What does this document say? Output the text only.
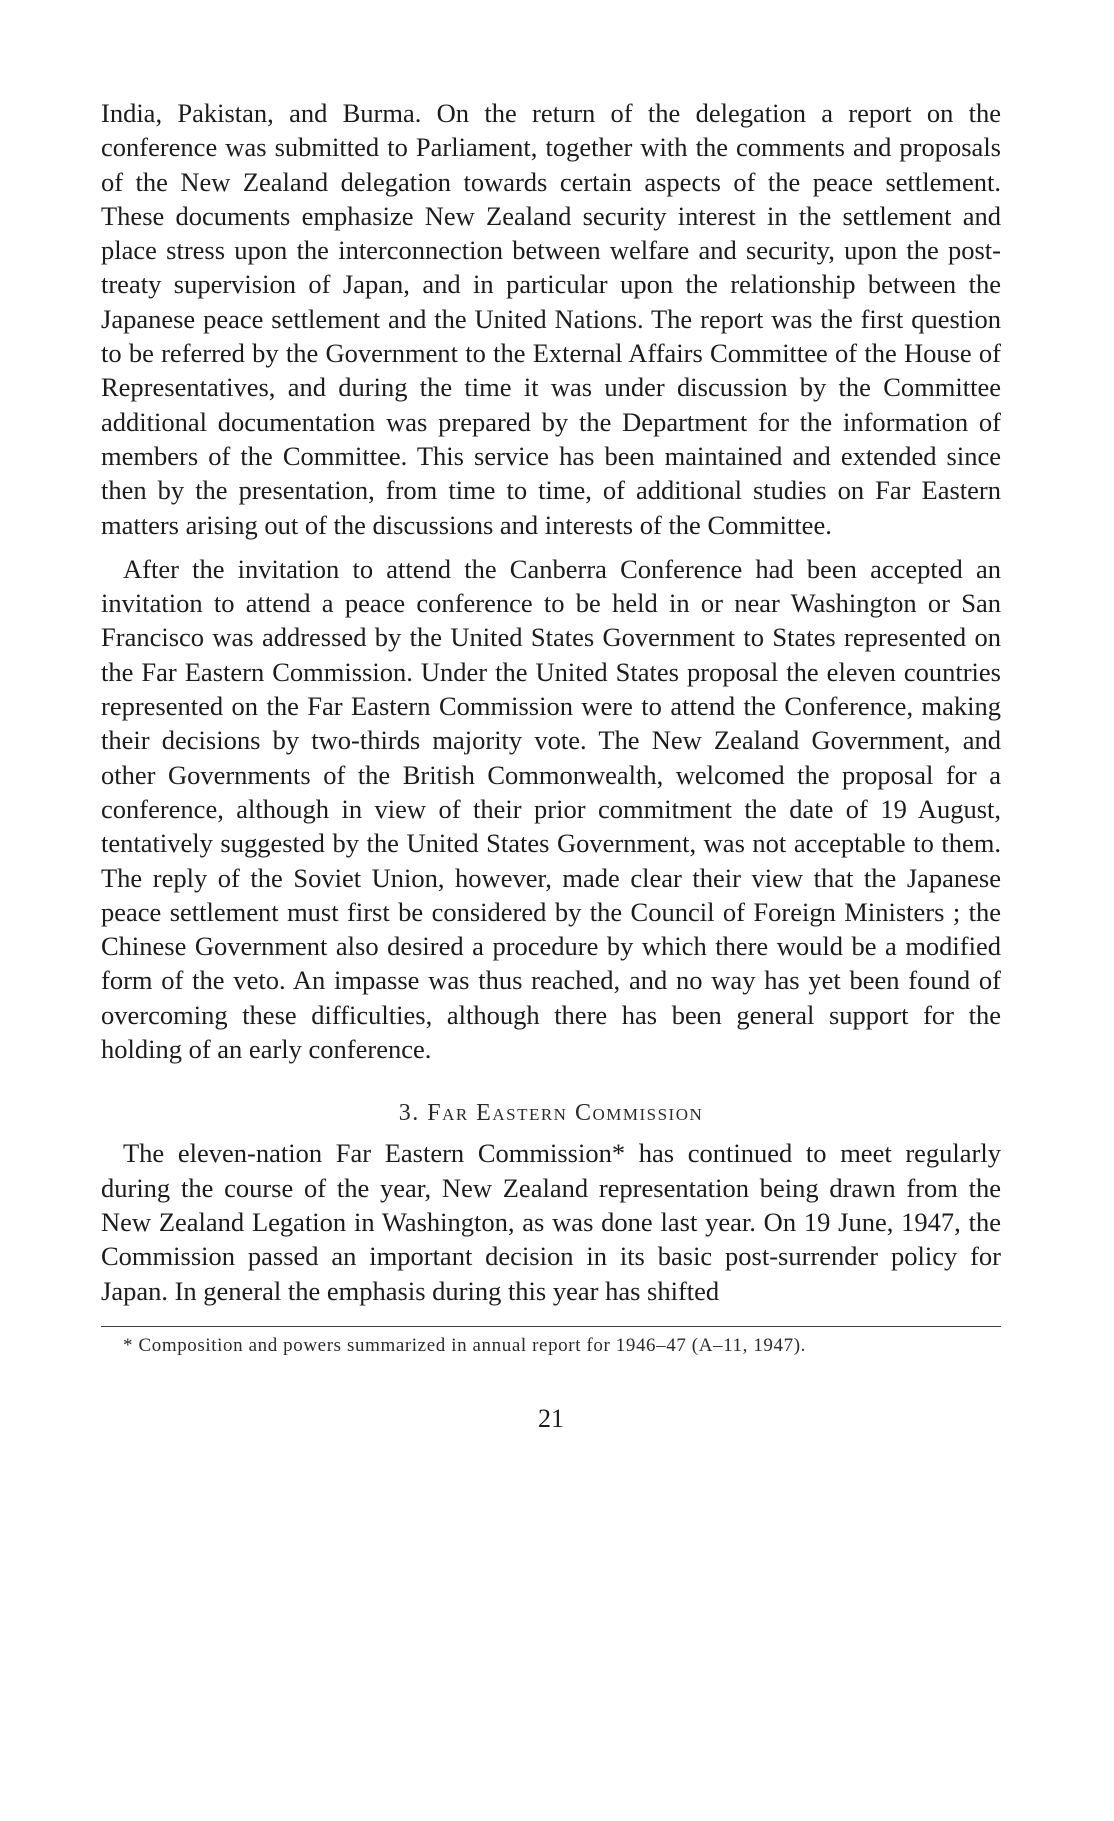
India, Pakistan, and Burma. On the return of the delegation a report on the conference was submitted to Parliament, together with the comments and proposals of the New Zealand delegation towards certain aspects of the peace settlement. These documents emphasize New Zealand security interest in the settlement and place stress upon the interconnection between welfare and security, upon the post-treaty supervision of Japan, and in particular upon the relationship between the Japanese peace settlement and the United Nations. The report was the first question to be referred by the Government to the External Affairs Committee of the House of Representatives, and during the time it was under discussion by the Committee additional documentation was prepared by the Department for the information of members of the Committee. This service has been maintained and extended since then by the presentation, from time to time, of additional studies on Far Eastern matters arising out of the discussions and interests of the Committee.

After the invitation to attend the Canberra Conference had been accepted an invitation to attend a peace conference to be held in or near Washington or San Francisco was addressed by the United States Government to States represented on the Far Eastern Commission. Under the United States proposal the eleven countries represented on the Far Eastern Commission were to attend the Conference, making their decisions by two-thirds majority vote. The New Zealand Government, and other Governments of the British Commonwealth, welcomed the proposal for a conference, although in view of their prior commitment the date of 19 August, tentatively suggested by the United States Government, was not acceptable to them. The reply of the Soviet Union, however, made clear their view that the Japanese peace settlement must first be considered by the Council of Foreign Ministers ; the Chinese Government also desired a procedure by which there would be a modified form of the veto. An impasse was thus reached, and no way has yet been found of overcoming these difficulties, although there has been general support for the holding of an early conference.

3. Far Eastern Commission

The eleven-nation Far Eastern Commission* has continued to meet regularly during the course of the year, New Zealand representation being drawn from the New Zealand Legation in Washington, as was done last year. On 19 June, 1947, the Commission passed an important decision in its basic post-surrender policy for Japan. In general the emphasis during this year has shifted

* Composition and powers summarized in annual report for 1946–47 (A–11, 1947).

21
